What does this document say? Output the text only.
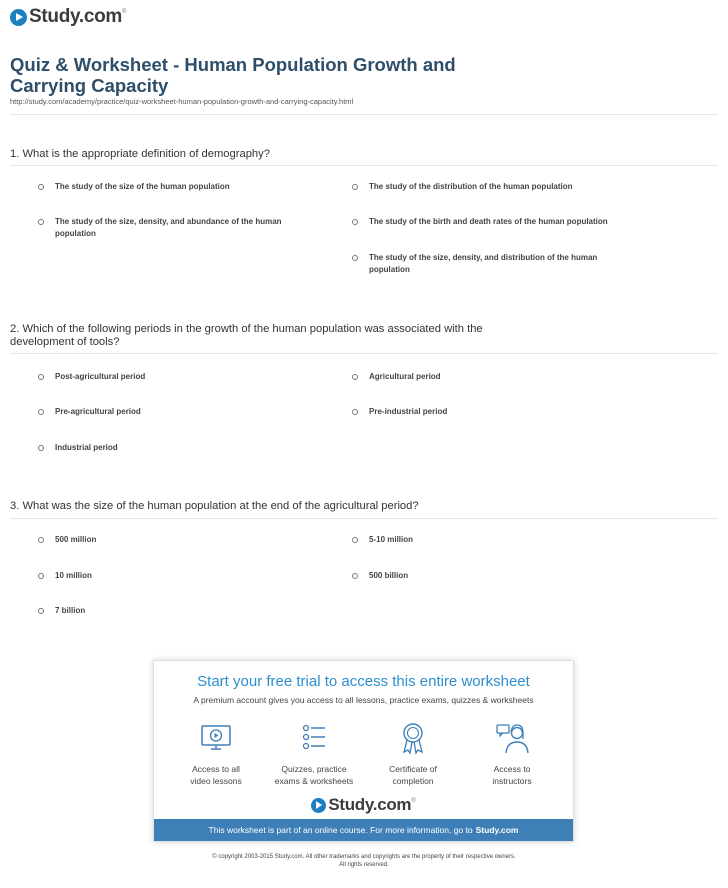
Study.com ®
Quiz & Worksheet - Human Population Growth and
Carrying Capacity
http://study.com/academy/practice/quiz-worksheet-human-population-growth-and-carrying-capacity.html
1. What is the appropriate definition of demography?
The study of the size of the human population	The study of the distribution of the human population
The study of the size, density, and abundance of the human
population
The study of the birth and death rates of the human population
The study of the size, density, and distribution of the human
population
2. Which of the following periods in the growth of the human population was associated with the
development of tools?
Post-agricultural period	Agricultural period
Pre-agricultural period	Pre-industrial period
Industrial period
3. What was the size of the human population at the end of the agricultural period?
500 million	5-10 million
10 million	500 billion
7 billion
Start your free trial to access this entire worksheet
A premium account gives you access to all lessons, practice exams, quizzes & worksheets
Access to all
video lessons
Quizzes, practice
exams & worksheets
Certificate of
completion
Access to
instructors
Study.com ®
This worksheet is part of an online course. For more information, go to Study.com
© copyright 2003-2015 Study.com. All other trademarks and copyrights are the property of their respective owners.
All rights reserved.
